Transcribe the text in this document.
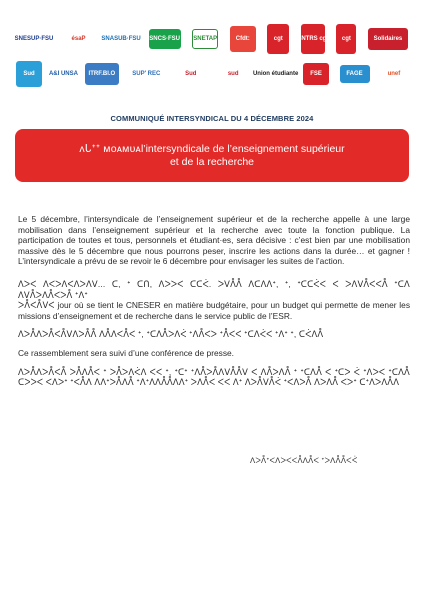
SNESUP·FSU	ésaP	SNASUB·FSU SNCS·FSU SNETAP	Cfdt:	cgt	SNTRS cgt	cgt	Solidaires
Sud	A&I UNSA	ITRF.BI.O	SUP' REC	Sud	sud	Union étudiante	FSE	FAGE	unef
COMMUNIQUÉ INTERSYNDICAL DU 4 DÉCEMBRE 2024
ʌᒐᐩᐩ ᴍᴏᴀᴍᴜᴀl’intersyndicale de l’enseignement supérieur
et de la recherche

Le 5 décembre, l’intersyndicale de l’enseignement supérieur et de la recherche appelle à une large mobilisation dans l’enseignement supérieur et la recherche avec toute la fonction publique. La participation de toutes et tous, personnels et étudiant·es, sera décisive : c’est bien par une mobilisation massive dès le 5 décembre que nous pourrons peser, inscrire les actions dans la durée… et gagner ! L’intersyndicale a prévu de se revoir le 6 décembre pour envisager les suites de l’action.

ᐱᐳᐸ ᐱᐸᐳᐱᐸᐱᐳᐱᐯ... ᑕ, ᐩ ᑕᑎ, ᐱᐳᐳᐸ ᑕᑕᐹ. ᐳᐯᐰᐰ ᐱᑕᐱᐱᐩ, ᐩ, ᐩᑕᑕᐹᐸ ᐸ ᐳᐱᐯᐰᐸᐸᐰ ᐩᑕᐱ ᐱᐯᐰᐳᐱᐰᐸᐳᐰ ᐩᐱᐩ
ᐳᐰᐸᐰᐯᐸ jour où se tient le CNESER en matière budgétaire, pour un budget qui permette de mener les missions d’enseignement et de recherche dans le service public de l’ESR.

ᐱᐳᐰᐱᐳᐰᐸᐰᐯᐱᐳᐰᐰ ᐱᐰᐱᐸᐰᐸ ᐩ, ᐩᑕᐱᐰᐳᐱᐹ ᐩᐱᐰᐸᐳ ᐩᐰᐸᐸ ᐩᑕᐱᐹᐸ ᐩᐱᐩ ᐩ, ᑕᐹᐱᐰ

Ce rassemblement sera suivi d’une conférence de presse.

ᐱᐳᐰᐱᐳᐰᐸᐰ ᐳᐰᐱᐰᐸ ᐩ ᐳᐰᐳᐱᐹᐱ ᐸᐸ ᐩ, ᐩᑕᐩ ᐩᐱᐰᐳᐰᐱᐯᐰᐰᐯ ᐸ ᐱᐰᐳᐱᐰ ᐩ ᐩᑕᐱᐰ ᐸ ᐩᑕᐳ ᐹ ᐩᐱᐳᐸ ᐩᑕᐱᐰ ᑕᐳᐳᐸ ᐸᐱᐳᐩ ᐩᐸᐰᐱ ᐱᐱᐩᐳᐰᐱᐰ ᐩᐱᐩᐱᐱᐰᐰᐱᐱᐩ ᐳᐱᐰᐸ ᐸᐸ ᐱᐩ ᐱᐳᐰᐯᐰᐹ ᐩᐸᐱᐳᐰ ᐱᐳᐱᐰ ᐸᐳᐩ ᑕᐩᐱᐳᐱᐰᐱ

ᐱᐳᐰᐩᐸᐱᐳᐸᐸᐰᐱᐰᐸ ᐩᐳᐱᐰᐰᐸᐹ
